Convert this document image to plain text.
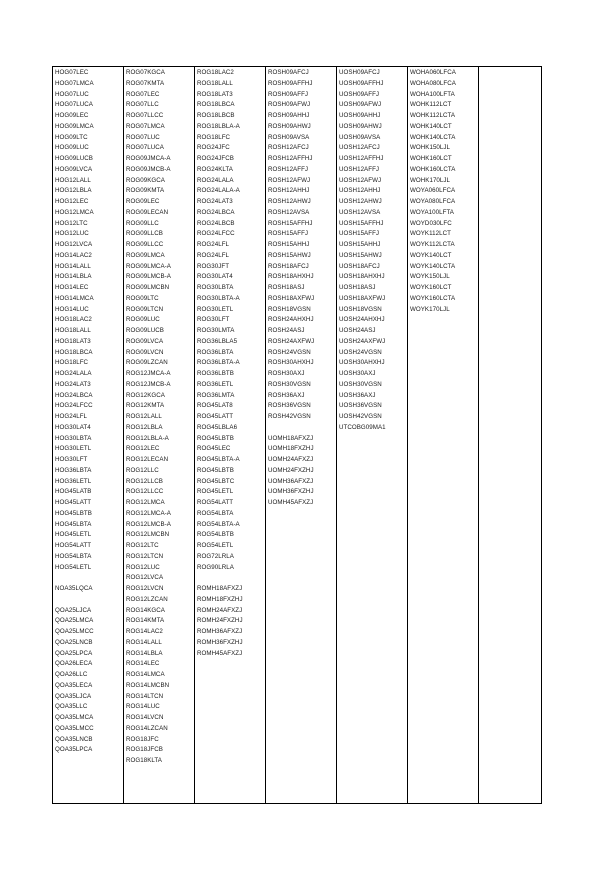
HOG07LEC
HOG07LMCA
HOG07LUC
HOG07LUCA
HOG09LEC
HOG09LMCA
HOG09LTC
HOG09LUC
HOG09LUCB
HOG09LVCA
HOG12LALL
HOG12LBLA
HOG12LEC
HOG12LMCA
HOG12LTC
HOG12LUC
HOG12LVCA
HOG14LAC2
HOG14LALL
HOG14LBLA
HOG14LEC
HOG14LMCA
HOG14LUC
HOG18LAC2
HOG18LALL
HOG18LAT3
HOG18LBCA
HOG18LFC
HOG24LALA
HOG24LAT3
HOG24LBCA
HOG24LFCC
HOG24LFL
HOG30LAT4
HOG30LBTA
HOG30LETL
HOG30LFT
HOG36LBTA
HOG36LETL
HOG45LATB
HOG45LATT
HOG45LBTB
HOG45LBTA
HOG45LETL
HOG54LATT
HOG54LBTA
HOG54LETL
NOA35LQCA
QOA25LJCA
QOA25LMCA
QOA25LMCC
QOA25LNCB
QOA25LPCA
QOA26LECA
QOA26LLC
QOA35LECA
QOA35LJCA
QOA35LLC
QOA35LMCA
QOA35LMCC
QOA35LNCB
QOA35LPCA

ROG07KGCA
ROG07KMTA
ROG07LEC
ROG07LLC
ROG07LLCC
ROG07LMCA
ROG07LUC
ROG07LUCA
ROG09JMCA-A
ROG09JMCB-A
ROG09KGCA
ROG09KMTA
ROG09LEC
ROG09LECAN
ROG09LLC
ROG09LLCB
ROG09LLCC
ROG09LMCA
ROG09LMCA-A
ROG09LMCB-A
ROG09LMCBN
ROG09LTC
ROG09LTCN
ROG09LUC
ROG09LUCB
ROG09LVCA
ROG09LVCN
ROG09LZCAN
ROG12JMCA-A
ROG12JMCB-A
ROG12KGCA
ROG12KMTA
ROG12LALL
ROG12LBLA
ROG12LBLA-A
ROG12LEC
ROG12LECAN
ROG12LLC
ROG12LLCB
ROG12LLCC
ROG12LMCA
ROG12LMCA-A
ROG12LMCB-A
ROG12LMCBN
ROG12LTC
ROG12LTCN
ROG12LUC
ROG12LVCA
ROG12LVCN
ROG12LZCAN
ROG14KGCA
ROG14KMTA
ROG14LAC2
ROG14LALL
ROG14LBLA
ROG14LEC
ROG14LMCA
ROG14LMCBN
ROG14LTCN
ROG14LUC
ROG14LVCN
ROG14LZCAN
ROG18JFC
ROG18JFCB
ROG18KLTA

ROG18LAC2
ROG18LALL
ROG18LAT3
ROG18LBCA
ROG18LBCB
ROG18LBLA-A
ROG18LFC
ROG24JFC
ROG24JFCB
ROG24KLTA
ROG24LALA
ROG24LALA-A
ROG24LAT3
ROG24LBCA
ROG24LBCB
ROG24LFCC
ROG24LFL
ROG24LFL
ROG30JFT
ROG30LAT4
ROG30LBTA
ROG30LBTA-A
ROG30LETL
ROG30LFT
ROG30LMTA
ROG36LBLA5
ROG36LBTA
ROG36LBTA-A
ROG36LBTB
ROG36LETL
ROG36LMTA
ROG45LAT8
ROG45LATT
ROG45LBLA6
ROG45LBTB
ROG45LEC
ROG45LBTA-A
ROG45LBTB
ROG45LBTC
ROG45LETL
ROG54LATT
ROG54LBTA
ROG54LBTA-A
ROG54LBTB
ROG54LETL
ROG72LRLA
ROG90LRLA
ROMH18AFXZJ
ROMH18FXZHJ
ROMH24AFXZJ
ROMH24FXZHJ
ROMH36AFXZJ
ROMH36FXZHJ
ROMH45AFXZJ

ROSH09AFCJ
ROSH09AFFHJ
ROSH09AFFJ
ROSH09AFWJ
ROSH09AHHJ
ROSH09AHWJ
ROSH09AVSA
ROSH12AFCJ
ROSH12AFFHJ
ROSH12AFFJ
ROSH12AFWJ
ROSH12AHHJ
ROSH12AHWJ
ROSH12AVSA
ROSH15AFFHJ
ROSH15AFFJ
ROSH15AHHJ
ROSH15AHWJ
ROSH18AFCJ
ROSH18AHXHJ
ROSH18ASJ
ROSH18AXFWJ
ROSH18VGSN
ROSH24AHXHJ
ROSH24ASJ
ROSH24AXFWJ
ROSH24VGSN
ROSH30AHXHJ
ROSH30AXJ
ROSH30VGSN
ROSH36AXJ
ROSH36VGSN
ROSH42VGSN
UOMH18AFXZJ
UOMH18FXZHJ
UOMH24AFXZJ
UOMH24FXZHJ
UOMH36AFXZJ
UOMH36FXZHJ
UOMH45AFXZJ

UOSH09AFCJ
UOSH09AFFHJ
UOSH09AFFJ
UOSH09AFWJ
UOSH09AHHJ
UOSH09AHWJ
UOSH09AVSA
UOSH12AFCJ
UOSH12AFFHJ
UOSH12AFFJ
UOSH12AFWJ
UOSH12AHHJ
UOSH12AHWJ
UOSH12AVSA
UOSH15AFFHJ
UOSH15AFFJ
UOSH15AHHJ
UOSH15AHWJ
UOSH18AFCJ
UOSH18AHXHJ
UOSH18ASJ
UOSH18AXFWJ
UOSH18VGSN
UOSH24AHXHJ
UOSH24ASJ
UOSH24AXFWJ
UOSH24VGSN
UOSH30AHXHJ
UOSH30AXJ
UOSH30VGSN
UOSH36AXJ
UOSH36VGSN
UOSH42VGSN
UTCOBG09MA1

WOHA060LFCA
WOHA080LFCA
WOHA100LFTA
WOHK112LCT
WOHK112LCTA
WOHK140LCT
WOHK140LCTA
WOHK150LJL
WOHK160LCT
WOHK160LCTA
WOHK170LJL
WOYA060LFCA
WOYA080LFCA
WOYA100LFTA
WOYD030LFC
WOYK112LCT
WOYK112LCTA
WOYK140LCT
WOYK140LCTA
WOYK150LJL
WOYK160LCT
WOYK160LCTA
WOYK170LJL
